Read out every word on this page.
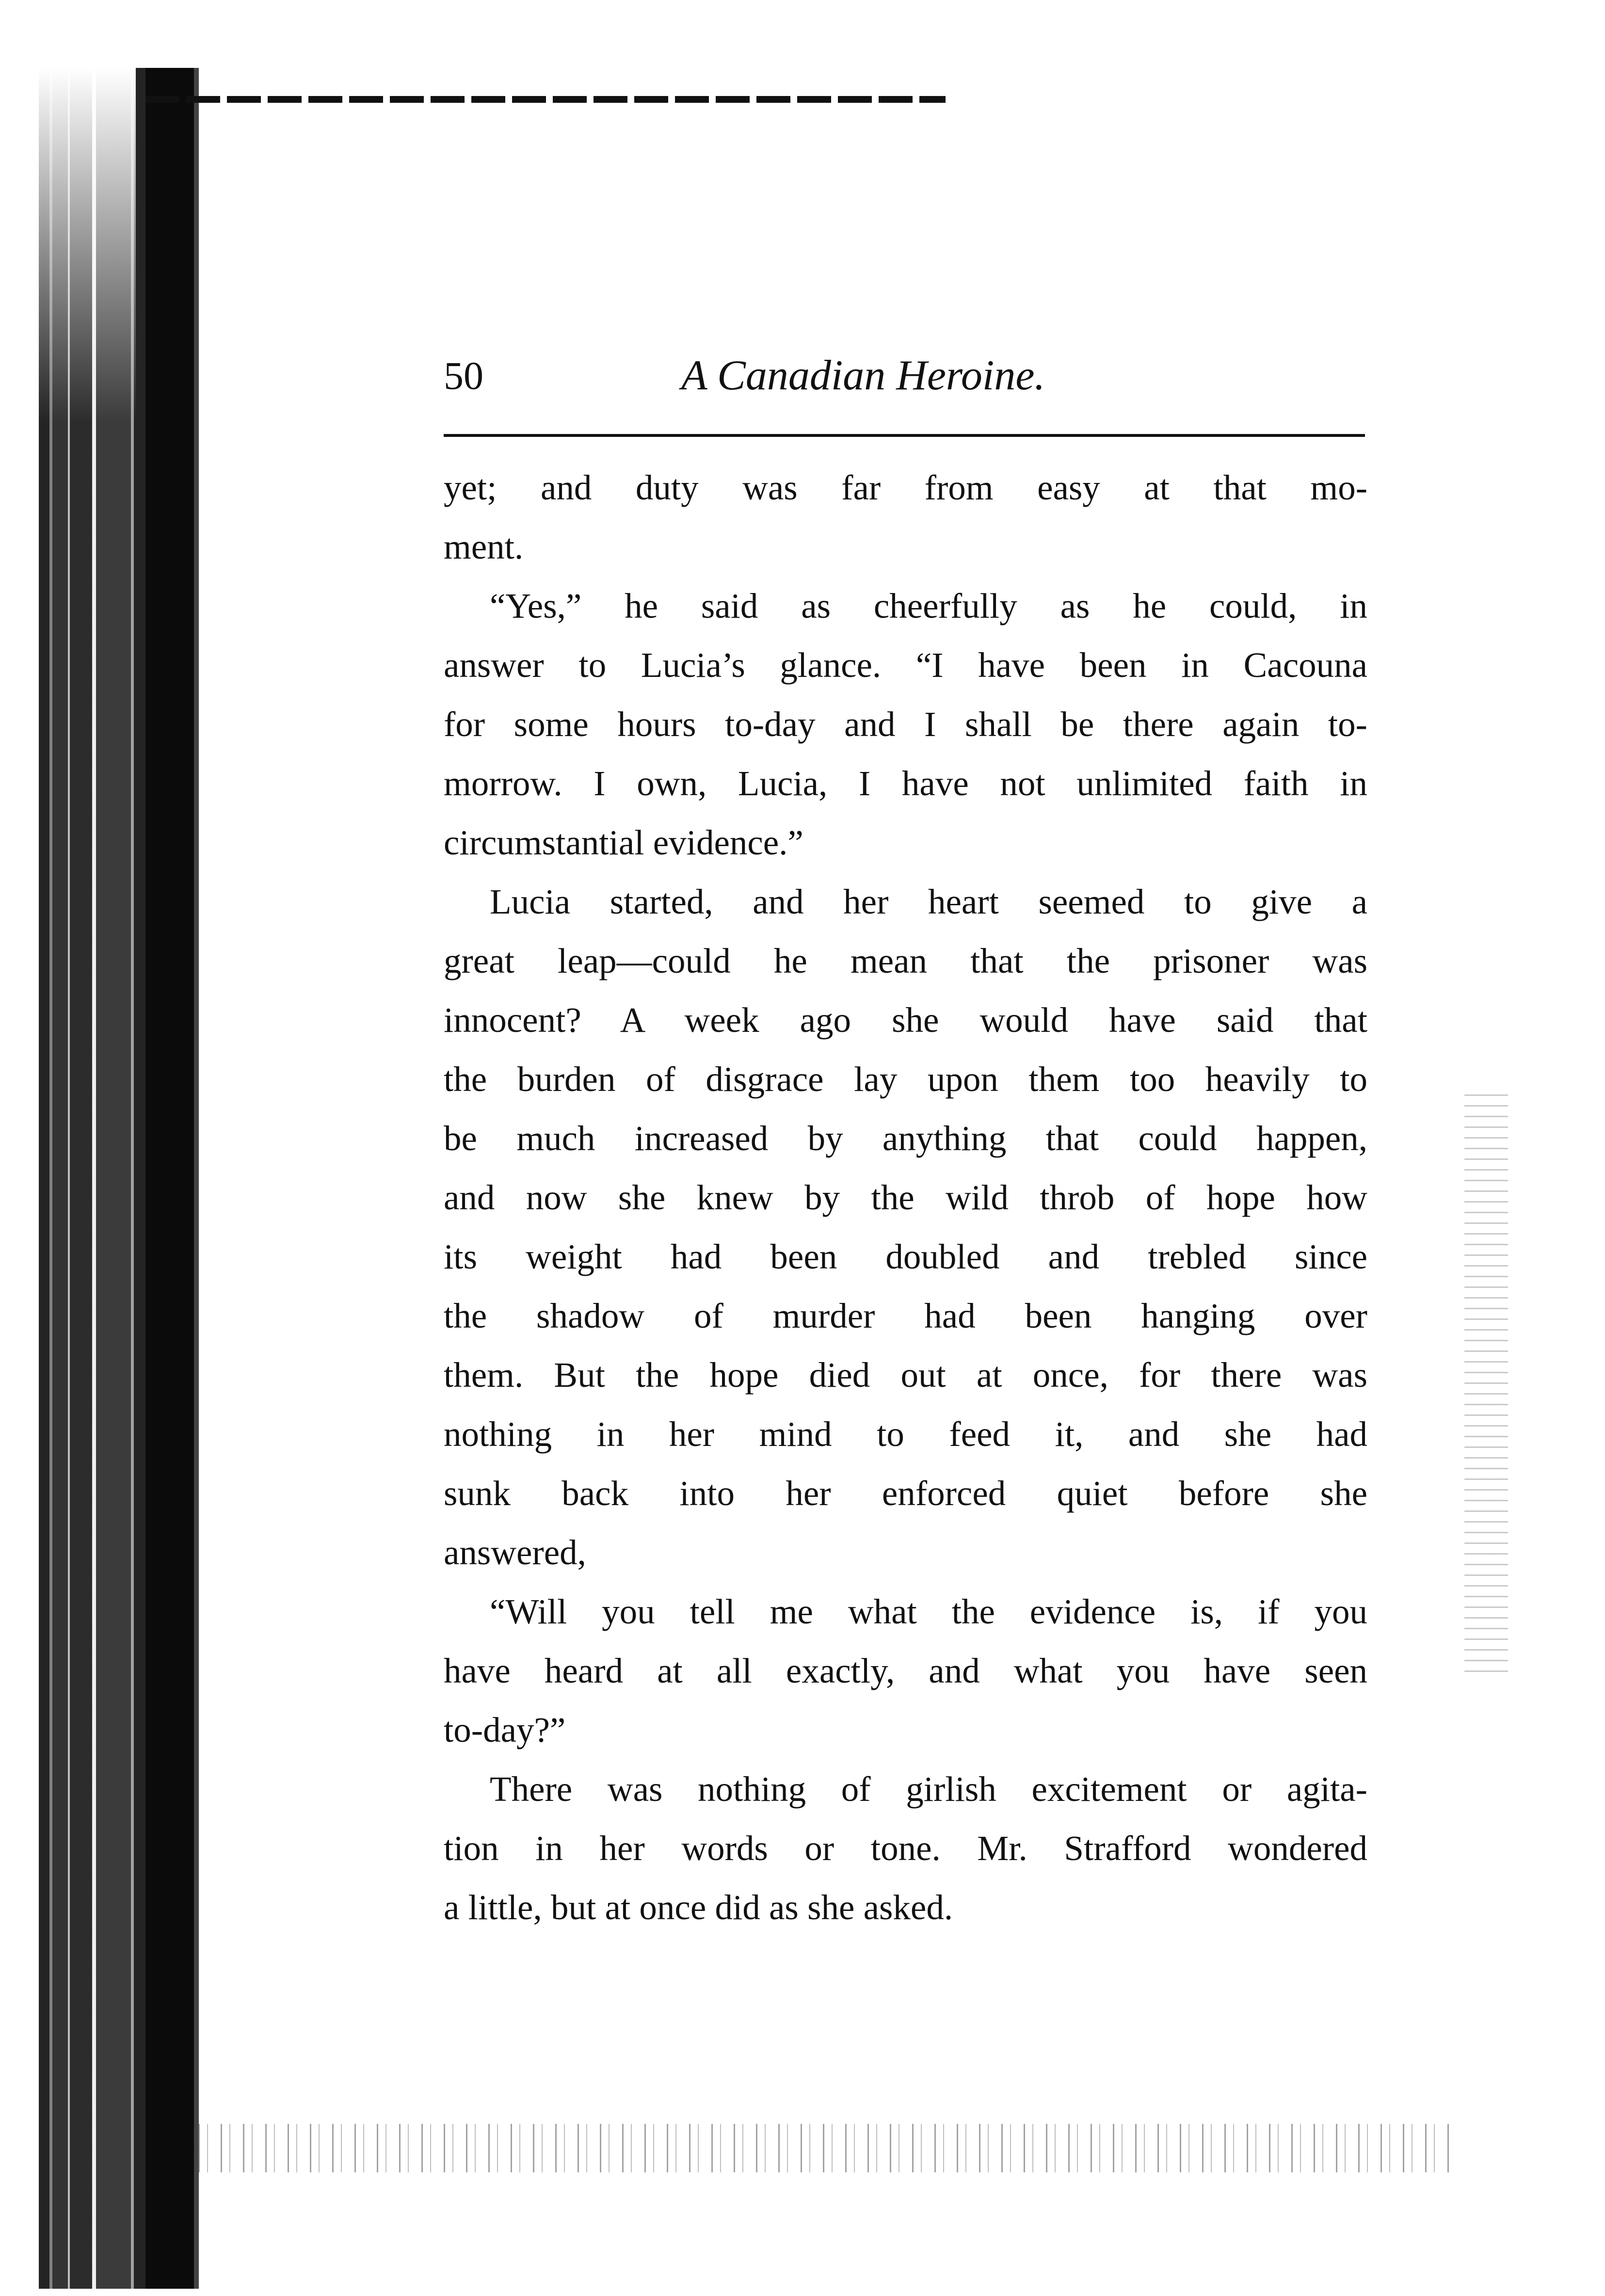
50	A Canadian Heroine.
yet; and duty was far from easy at that mo-
ment.
“Yes,” he said as cheerfully as he could, in
answer to Lucia’s glance. “I have been in Cacouna
for some hours to-day and I shall be there again to-
morrow. I own, Lucia, I have not unlimited faith in
circumstantial evidence.”
Lucia started, and her heart seemed to give a
great leap—could he mean that the prisoner was
innocent? A week ago she would have said that
the burden of disgrace lay upon them too heavily to
be much increased by anything that could happen,
and now she knew by the wild throb of hope how
its weight had been doubled and trebled since
the shadow of murder had been hanging over
them. But the hope died out at once, for there was
nothing in her mind to feed it, and she had
sunk back into her enforced quiet before she
answered,
“Will you tell me what the evidence is, if you
have heard at all exactly, and what you have seen
to-day?”
There was nothing of girlish excitement or agita-
tion in her words or tone. Mr. Strafford wondered
a little, but at once did as she asked.
